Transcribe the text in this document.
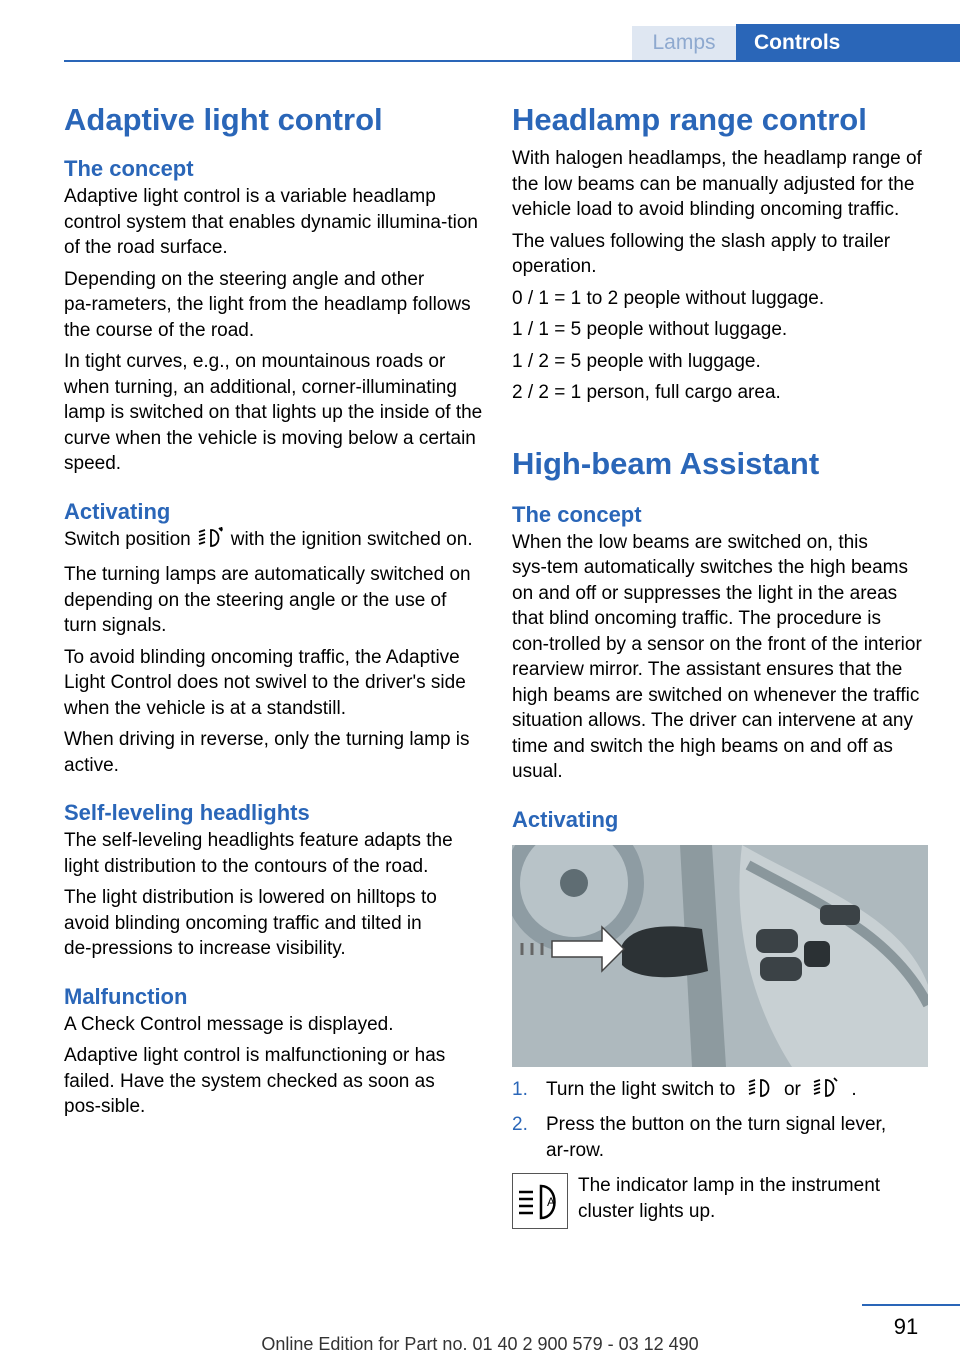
Lamps	Controls
Adaptive light control
The concept

Adaptive light control is a variable headlamp control system that enables dynamic illumina‑tion of the road surface.

Depending on the steering angle and other pa‑rameters, the light from the headlamp follows the course of the road.

In tight curves, e.g., on mountainous roads or when turning, an additional, corner-illuminating lamp is switched on that lights up the inside of the curve when the vehicle is moving below a certain speed.

Activating

Switch position with the ignition switched on.

The turning lamps are automatically switched on depending on the steering angle or the use of turn signals.

To avoid blinding oncoming traffic, the Adaptive Light Control does not swivel to the driver's side when the vehicle is at a standstill.

When driving in reverse, only the turning lamp is active.

Self-leveling headlights

The self-leveling headlights feature adapts the light distribution to the contours of the road.

The light distribution is lowered on hilltops to avoid blinding oncoming traffic and tilted in de‑pressions to increase visibility.

Malfunction

A Check Control message is displayed.

Adaptive light control is malfunctioning or has failed. Have the system checked as soon as pos‑sible.

Headlamp range control

With halogen headlamps, the headlamp range of the low beams can be manually adjusted for the vehicle load to avoid blinding oncoming traffic.

The values following the slash apply to trailer operation.

0 / 1 = 1 to 2 people without luggage.

1 / 1 = 5 people without luggage.

1 / 2 = 5 people with luggage.

2 / 2 = 1 person, full cargo area.

High-beam Assistant
The concept

When the low beams are switched on, this sys‑tem automatically switches the high beams on and off or suppresses the light in the areas that blind oncoming traffic. The procedure is con‑trolled by a sensor on the front of the interior rearview mirror. The assistant ensures that the high beams are switched on whenever the traffic situation allows. The driver can intervene at any time and switch the high beams on and off as usual.

Activating
1. Turn the light switch to	or	.
2. Press the button on the turn signal lever, ar‑row.
A
The indicator lamp in the instrument cluster lights up.
91
Online Edition for Part no. 01 40 2 900 579 - 03 12 490
